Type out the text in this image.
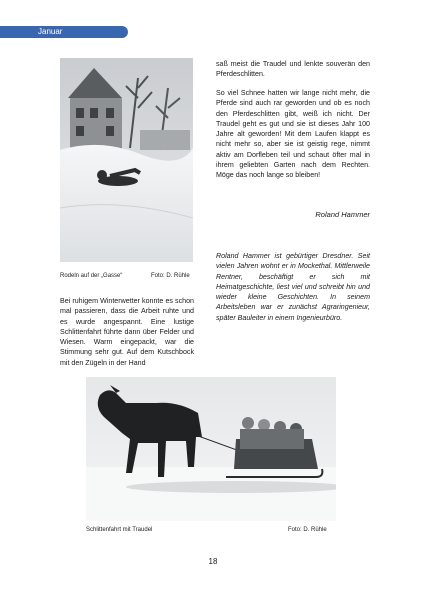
Januar
Rodeln auf der „Gasse“	Foto: D. Rühle
saß meist die Traudel und lenkte souverän den Pferdeschlitten.
So viel Schnee hatten wir lange nicht mehr, die Pferde sind auch rar geworden und ob es noch den Pferdeschlitten gibt, weiß ich nicht. Der Traudel geht es gut und sie ist dieses Jahr 100 Jahre alt geworden! Mit dem Laufen klappt es nicht mehr so, aber sie ist geistig rege, nimmt aktiv am Dorfleben teil und schaut öfter mal in ihrem geliebten Garten nach dem Rechten. Möge das noch lange so bleiben!
Roland Hammer
Roland Hammer ist gebürtiger Dresdner. Seit vielen Jahren wohnt er in Mockethal. Mittlerweile Rentner, beschäftigt er sich mit Heimatgeschichte, liest viel und schreibt hin und wieder kleine Geschichten. In seinem Arbeitsleben war er zunächst Agraringenieur, später Bauleiter in einem Ingenieurbüro.
Bei ruhigem Winterwetter konnte es schon mal passieren, dass die Arbeit ruhte und es wurde angespannt. Eine lustige Schlittenfahrt führte dann über Felder und Wiesen. Warm eingepackt, war die Stimmung sehr gut. Auf dem Kutschbock mit den Zügeln in der Hand
Schlittenfahrt mit Traudel	Foto: D. Rühle
18
